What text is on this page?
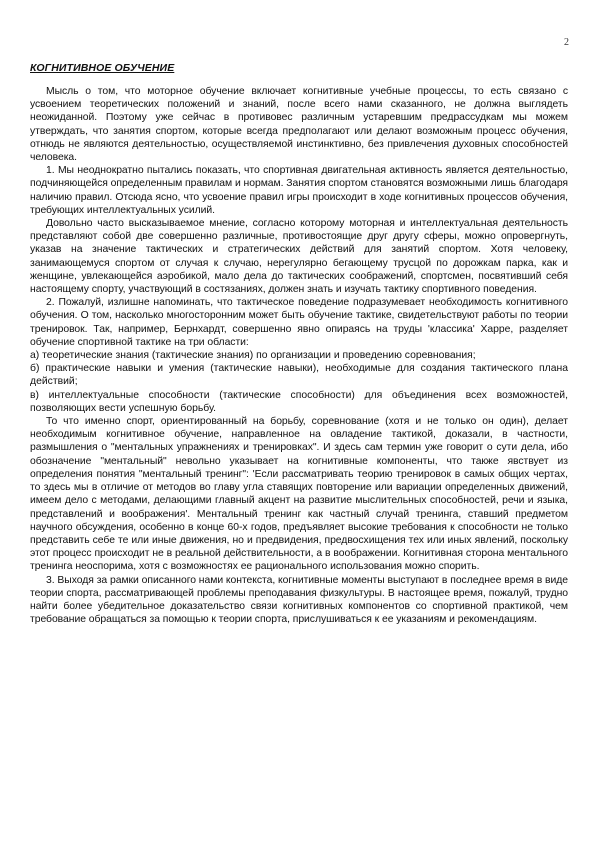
2
КОГНИТИВНОЕ ОБУЧЕНИЕ

Мысль о том, что моторное обучение включает когнитивные учебные процессы, то есть связано с усвоением теоретических положений и знаний, после всего нами сказанного, не должна выглядеть неожиданной. Поэтому уже сейчас в противовес различным устаревшим предрассудкам мы можем утверждать, что занятия спортом, которые всегда предполагают или делают возможным процесс обучения, отнюдь не являются деятельностью, осуществляемой инстинктивно, без привлечения духовных способностей человека.

1. Мы неоднократно пытались показать, что спортивная двигательная активность является деятельностью, подчиняющейся определенным правилам и нормам. Занятия спортом становятся возможными лишь благодаря наличию правил. Отсюда ясно, что усвоение правил игры происходит в ходе когнитивных процессов обучения, требующих интеллектуальных усилий.

Довольно часто высказываемое мнение, согласно которому моторная и интеллектуальная деятельность представляют собой две совершенно различные, противостоящие друг другу сферы, можно опровергнуть, указав на значение тактических и стратегических действий для занятий спортом. Хотя человеку, занимающемуся спортом от случая к случаю, нерегулярно бегающему трусцой по дорожкам парка, как и женщине, увлекающейся аэробикой, мало дела до тактических соображений, спортсмен, посвятивший себя настоящему спорту, участвующий в состязаниях, должен знать и изучать тактику спортивного поведения.

2. Пожалуй, излишне напоминать, что тактическое поведение подразумевает необходимость когнитивного обучения. О том, насколько многосторонним может быть обучение тактике, свидетельствуют работы по теории тренировок. Так, например, Бернхардт, совершенно явно опираясь на труды 'классика' Харре, разделяет обучение спортивной тактике на три области:

а) теоретические знания (тактические знания) по организации и проведению соревнования;

б) практические навыки и умения (тактические навыки), необходимые для создания тактического плана действий;

в) интеллектуальные способности (тактические способности) для объединения всех возможностей, позволяющих вести успешную борьбу.

То что именно спорт, ориентированный на борьбу, соревнование (хотя и не только он один), делает необходимым когнитивное обучение, направленное на овладение тактикой, доказали, в частности, размышления о "ментальных упражнениях и тренировках". И здесь сам термин уже говорит о сути дела, ибо обозначение "ментальный" невольно указывает на когнитивные компоненты, что также явствует из определения понятия "ментальный тренинг": 'Если рассматривать теорию тренировок в самых общих чертах, то здесь мы в отличие от методов во главу угла ставящих повторение или вариации определенных движений, имеем дело с методами, делающими главный акцент на развитие мыслительных способностей, речи и языка, представлений и воображения'. Ментальный тренинг как частный случай тренинга, ставший предметом научного обсуждения, особенно в конце 60-х годов, предъявляет высокие требования к способности не только представить себе те или иные движения, но и предвидения, предвосхищения тех или иных явлений, поскольку этот процесс происходит не в реальной действительности, а в воображении. Когнитивная сторона ментального тренинга неоспорима, хотя с возможностях ее рационального использования можно спорить.

3. Выходя за рамки описанного нами контекста, когнитивные моменты выступают в последнее время в виде теории спорта, рассматривающей проблемы преподавания физкультуры. В настоящее время, пожалуй, трудно найти более убедительное доказательство связи когнитивных компонентов со спортивной практикой, чем требование обращаться за помощью к теории спорта, прислушиваться к ее указаниям и рекомендациям.
